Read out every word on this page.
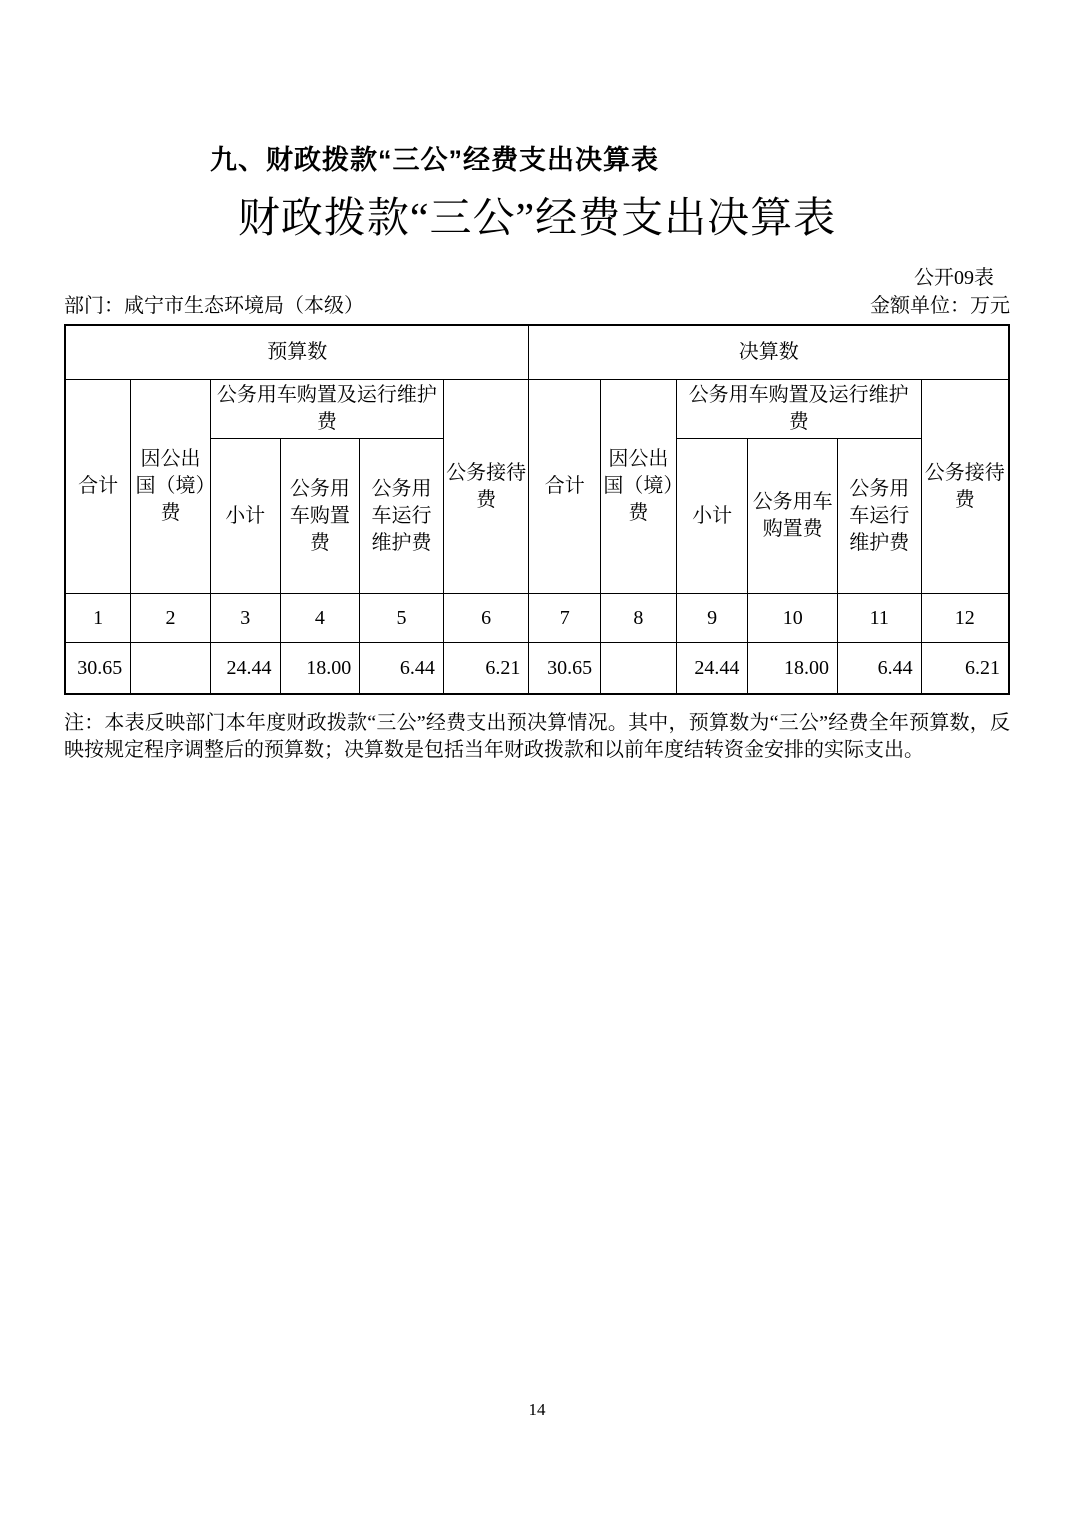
九、财政拨款“三公”经费支出决算表
财政拨款“三公”经费支出决算表
公开09表
部门：咸宁市生态环境局（本级）	金额单位：万元
预算数						决算数					
合计	因公出国（境）费	公务用车购置及运行维护费			公务接待费	合计	因公出国（境）费	公务用车购置及运行维护费			公务接待费
		小计	公务用车购置费	公务用车运行维护费				小计	公务用车购置费	公务用车运行维护费	
1	2	3	4	5	6	7	8	9	10	11	12
30.65		24.44	18.00	6.44	6.21	30.65		24.44	18.00	6.44	6.21

注：本表反映部门本年度财政拨款“三公”经费支出预决算情况。其中，预算数为“三公”经费全年预算数，反映按规定程序调整后的预算数；决算数是包括当年财政拨款和以前年度结转资金安排的实际支出。

14
